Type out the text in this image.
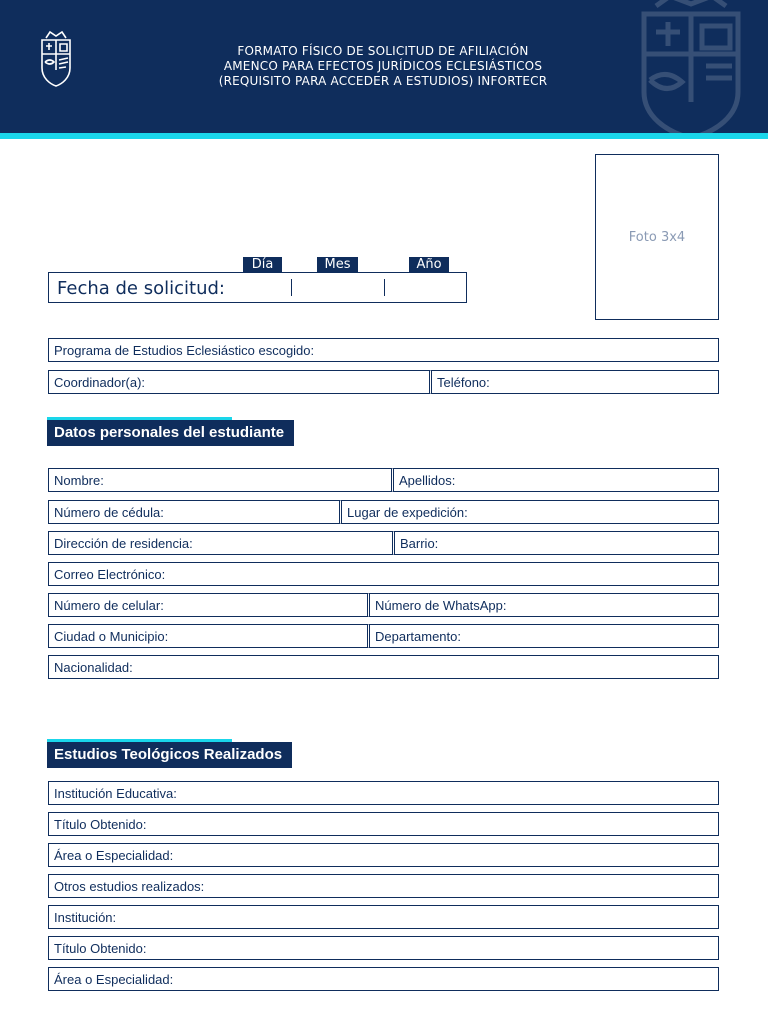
FORMATO FÍSICO DE SOLICITUD DE AFILIACIÓN
AMENCO PARA EFECTOS JURÍDICOS ECLESIÁSTICOS
(REQUISITO PARA ACCEDER A ESTUDIOS) INFORTECR
Foto 3x4
Día	Mes	Año
Fecha de solicitud:
Programa de Estudios Eclesiástico escogido:
Coordinador(a):	Teléfono:
Datos personales del estudiante
Nombre:	Apellidos:
Número de cédula:	Lugar de expedición:
Dirección de residencia:	Barrio:
Correo Electrónico:
Número de celular:	Número de WhatsApp:
Ciudad o Municipio:	Departamento:
Nacionalidad:
Estudios Teológicos Realizados
Institución Educativa:
Título Obtenido:
Área o Especialidad:
Otros estudios realizados:
Institución:
Título Obtenido:
Área o Especialidad:
